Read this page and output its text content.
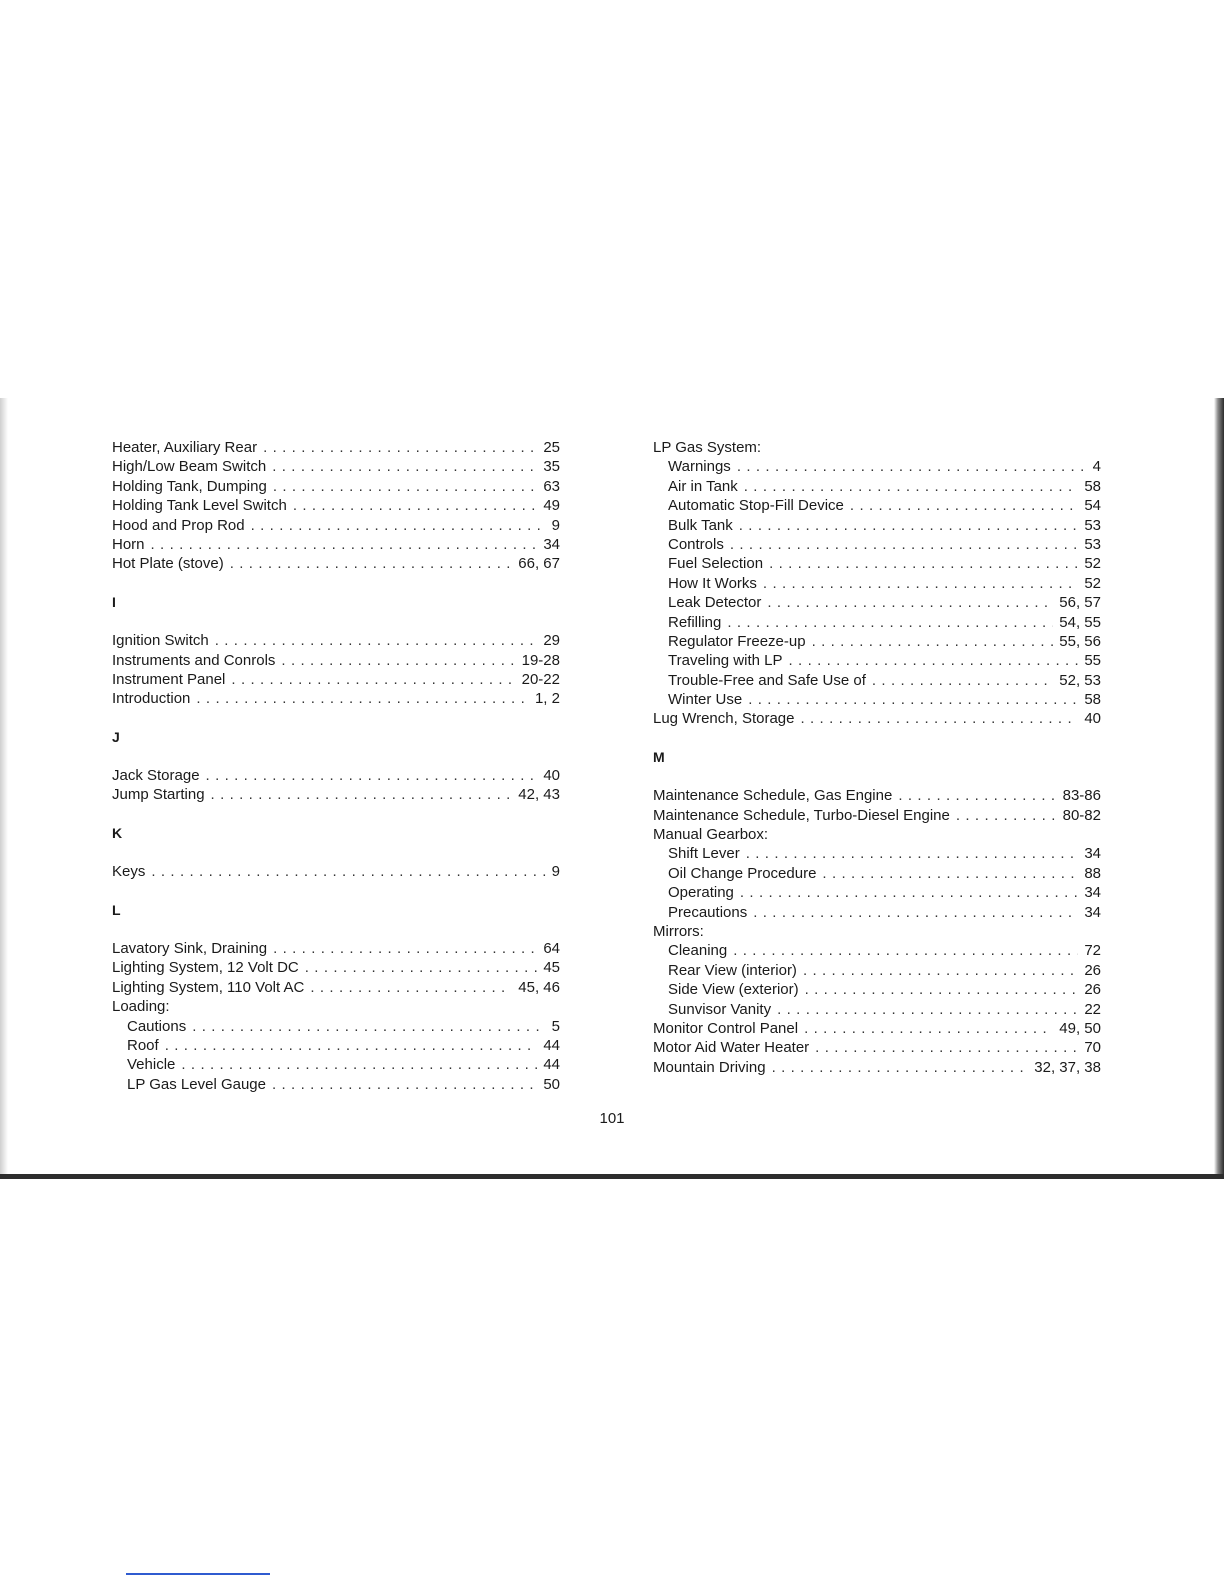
Heater, Auxiliary Rear . . .	25
High/Low Beam Switch . . .	35
Holding Tank, Dumping . . .	63
Holding Tank Level Switch . . .	49
Hood and Prop Rod . . .	9
Horn . . .	34
Hot Plate (stove) . . .	66, 67
I
Ignition Switch . . .	29
Instruments and Conrols . . .	19-28
Instrument Panel . . .	20-22
Introduction . . .	1, 2
J
Jack Storage . . .	40
Jump Starting . . .	42, 43
K
Keys . . .	9
L
Lavatory Sink, Draining . . .	64
Lighting System, 12 Volt DC . . .	45
Lighting System, 110 Volt AC . . .	45, 46
Loading:
Cautions . . .	5
Roof . . .	44
Vehicle . . .	44
LP Gas Level Gauge . . .	50
LP Gas System:
Warnings . . .	4
Air in Tank . . .	58
Automatic Stop-Fill Device . . .	54
Bulk Tank . . .	53
Controls . . .	53
Fuel Selection . . .	52
How It Works . . .	52
Leak Detector . . .	56, 57
Refilling . . .	54, 55
Regulator Freeze-up . . .	55, 56
Traveling with LP . . .	55
Trouble-Free and Safe Use of . . .	52, 53
Winter Use . . .	58
Lug Wrench, Storage . . .	40
M
Maintenance Schedule, Gas Engine . . .	83-86
Maintenance Schedule, Turbo-Diesel Engine . . .	80-82
Manual Gearbox:
Shift Lever . . .	34
Oil Change Procedure . . .	88
Operating . . .	34
Precautions . . .	34
Mirrors:
Cleaning . . .	72
Rear View (interior) . . .	26
Side View (exterior) . . .	26
Sunvisor Vanity . . .	22
Monitor Control Panel . . .	49, 50
Motor Aid Water Heater . . .	70
Mountain Driving . . .	32, 37, 38
101
